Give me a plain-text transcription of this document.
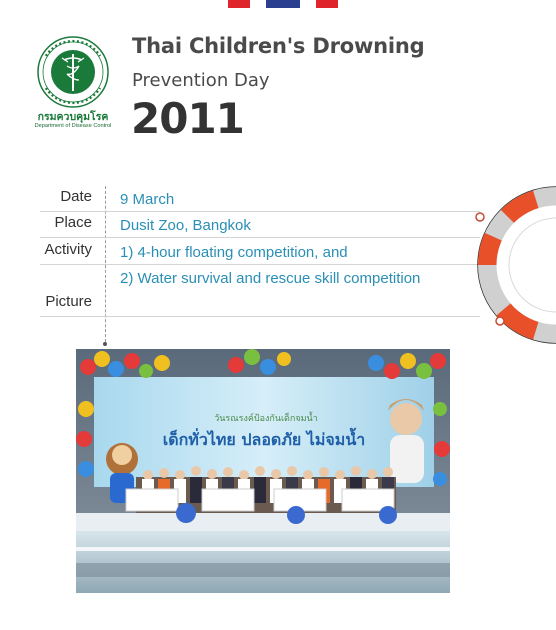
กรมควบคุมโรค
Department of Disease Control
Thai Children's Drowning
Prevention Day
2011
Date 9 March
Place Dusit Zoo, Bangkok
Activity 1) 4-hour floating competition, and
2) Water survival and rescue skill competition
Picture
วันรณรงค์ป้องกันเด็กจมน้ำ
เด็กทั่วไทย ปลอดภัย ไม่จมน้ำ
